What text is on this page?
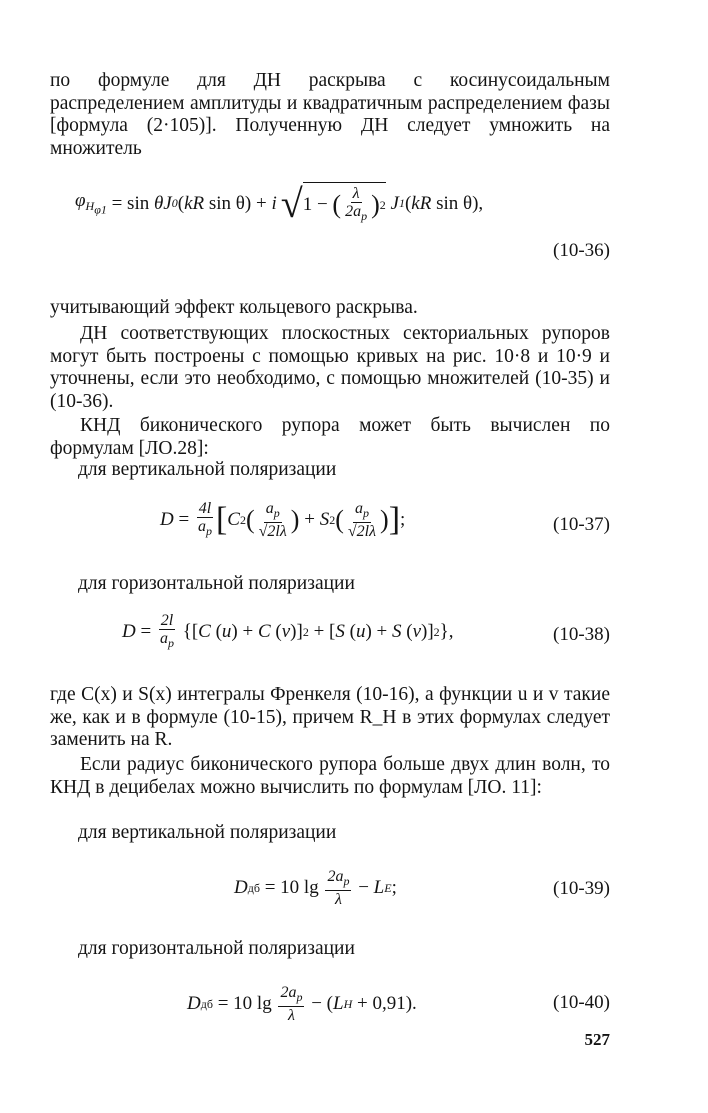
по формуле для ДН раскрыва с косинусоидальным распределением амплитуды и квадратичным распределением фазы [формула (2·105)]. Полученную ДН следует умножить на множитель

$\varphi_{H\varphi 1} = \sin \theta J$ 0 ( kR sin θ) + i √ 1 − ( $\frac{\lambda}{2a_p}$ ) 2 J 1 ( kR sin θ),
(10-36)

учитывающий эффект кольцевого раскрыва.

ДН соответствующих плоскостных секториальных рупоров могут быть построены с помощью кривых на рис. 10·8 и 10·9 и уточнены, если это необходимо, с помощью множителей (10-35) и (10-36).

КНД биконического рупора может быть вычислен по формулам [ЛО.28]:

для вертикальной поляризации

$D = \frac{4l}{a_p}$ [ C 2 ( $\frac{a_p}{√2l\lambda}$ ) + S 2 ( $\frac{a_p}{√2l\lambda}$ ) ] ;	(10-37)

для горизонтальной поляризации

$D = \frac{2l}{a_p}$ {[ C ( u ) + C ( v )] 2 + [ S ( u ) + S ( v )] 2 },	(10-38)

где C(x) и S(x) интегралы Френкеля (10-16), а функции u и v такие же, как и в формуле (10-15), причем R_H в этих формулах следует заменить на R.

Если радиус биконического рупора больше двух длин волн, то КНД в децибелах можно вычислить по формулам [ЛО. 11]:

для вертикальной поляризации

D дб = 10 $\lg \frac{2a_p}{\lambda} - L$ E ;	(10-39)

для горизонтальной поляризации

D дб = 10 $\lg \frac{2a_p}{\lambda}$ − ( L H + 0,91).	(10-40)
527
